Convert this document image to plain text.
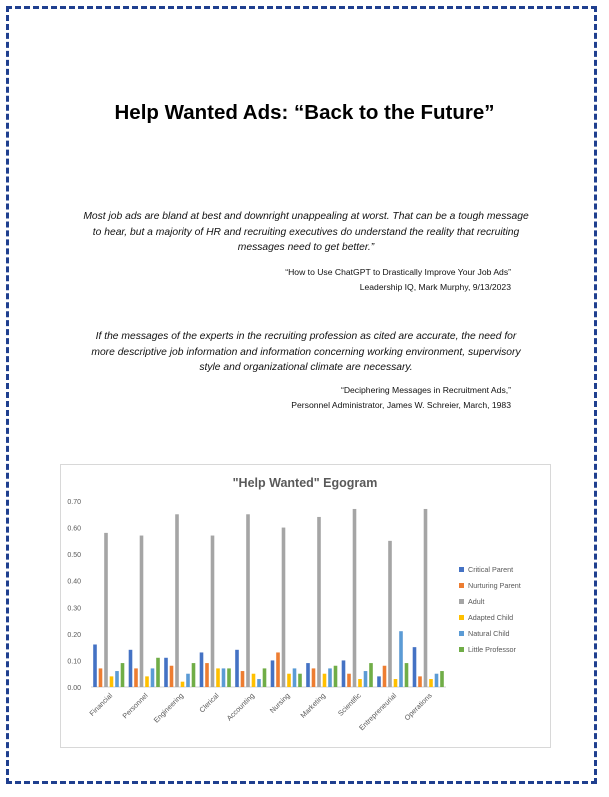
Help Wanted Ads: “Back to the Future”
Most job ads are bland at best and downright unappealing at worst. That can be a tough message to hear, but a majority of HR and recruiting executives do understand the reality that recruiting messages need to get better.”
“How to Use ChatGPT to Drastically Improve Your Job Ads”
Leadership IQ, Mark Murphy, 9/13/2023
If the messages of the experts in the recruiting profession as cited are accurate, the need for more descriptive job information and information concerning working environment, supervisory style and organizational climate are necessary.
“Deciphering Messages in Recruitment Ads,”
Personnel Administrator, James W. Schreier, March, 1983
"Help Wanted" Egogram
0.00
0.10
0.20
0.30
0.40
0.50
0.60
0.70
Financial Personnel Engineering Clerical Accounting Nursing Marketing Scientific
Entrepreneurial Operations
Critical Parent
Nurturing Parent
Adult
Adapted Child
Natural Child
Little Professor
